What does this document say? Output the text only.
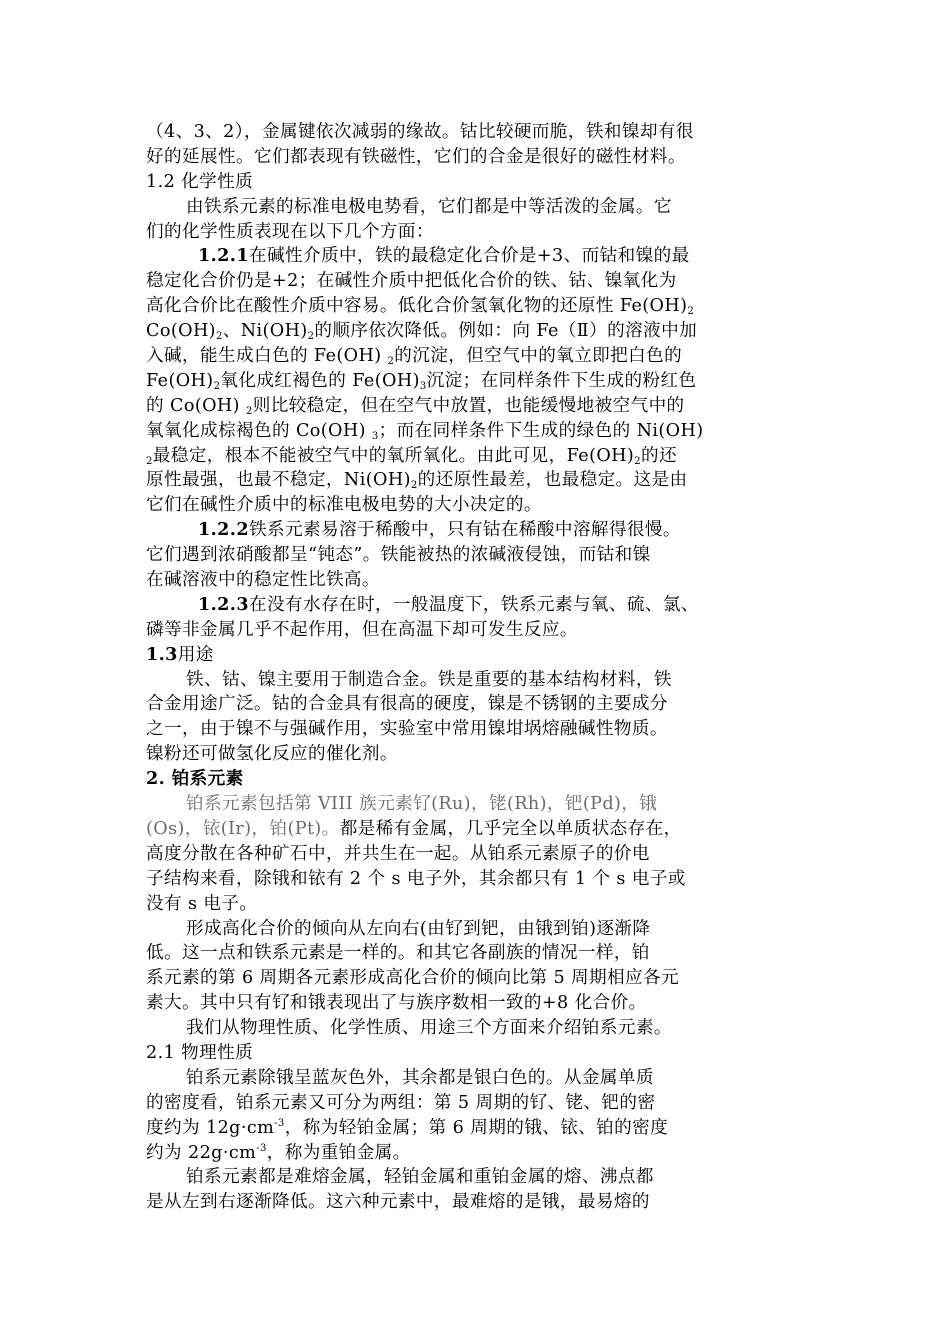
（4、3、2），金属键依次减弱的缘故。钴比较硬而脆，铁和镍却有很
好的延展性。它们都表现有铁磁性，它们的合金是很好的磁性材料。
1.2 化学性质
由铁系元素的标准电极电势看，它们都是中等活泼的金属。它
们的化学性质表现在以下几个方面：
1.2.1在碱性介质中，铁的最稳定化合价是+3、而钴和镍的最
稳定化合价仍是+2；在碱性介质中把低化合价的铁、钴、镍氧化为
高化合价比在酸性介质中容易。低化合价氢氧化物的还原性 $Fe(OH)_2$
$Co(OH)_2$、$Ni(OH)_2$的顺序依次降低。例如：向 Fe（Ⅱ）的溶液中加
入碱，能生成白色的 Fe(OH) $_2$的沉淀，但空气中的氧立即把白色的
$Fe(OH)_2$氧化成红褐色的 $Fe(OH)_3$沉淀；在同样条件下生成的粉红色
的 Co(OH) $_2$则比较稳定，但在空气中放置，也能缓慢地被空气中的
氧氧化成棕褐色的 Co(OH) $_3$；而在同样条件下生成的绿色的 Ni(OH)
$_2$最稳定，根本不能被空气中的氧所氧化。由此可见，$Fe(OH)_2$的还
原性最强，也最不稳定，$Ni(OH)_2$的还原性最差，也最稳定。这是由
它们在碱性介质中的标准电极电势的大小决定的。
1.2.2铁系元素易溶于稀酸中，只有钴在稀酸中溶解得很慢。
它们遇到浓硝酸都呈“钝态”。铁能被热的浓碱液侵蚀，而钴和镍
在碱溶液中的稳定性比铁高。
1.2.3在没有水存在时，一般温度下，铁系元素与氧、硫、氯、
磷等非金属几乎不起作用，但在高温下却可发生反应。
1.3用途
铁、钴、镍主要用于制造合金。铁是重要的基本结构材料，铁
合金用途广泛。钴的合金具有很高的硬度，镍是不锈钢的主要成分
之一，由于镍不与强碱作用，实验室中常用镍坩埚熔融碱性物质。
镍粉还可做氢化反应的催化剂。
2. 铂系元素
铂系元素包括第 VIII 族元素钌(Ru)，铑(Rh)，钯(Pd)，锇
(Os)，铱(Ir)，铂(Pt)。都是稀有金属，几乎完全以单质状态存在，
高度分散在各种矿石中，并共生在一起。从铂系元素原子的价电
子结构来看，除锇和铱有 2 个 s 电子外，其余都只有 1 个 s 电子或
没有 s 电子。
形成高化合价的倾向从左向右(由钌到钯，由锇到铂)逐渐降
低。这一点和铁系元素是一样的。和其它各副族的情况一样，铂
系元素的第 6 周期各元素形成高化合价的倾向比第 5 周期相应各元
素大。其中只有钌和锇表现出了与族序数相一致的+8 化合价。
我们从物理性质、化学性质、用途三个方面来介绍铂系元素。
2.1 物理性质
铂系元素除锇呈蓝灰色外，其余都是银白色的。从金属单质
的密度看，铂系元素又可分为两组：第 5 周期的钌、铑、钯的密
度约为 $12g\cdot cm^{-3}$，称为轻铂金属；第 6 周期的锇、铱、铂的密度
约为 $22g\cdot cm^{-3}$，称为重铂金属。
铂系元素都是难熔金属，轻铂金属和重铂金属的熔、沸点都
是从左到右逐渐降低。这六种元素中，最难熔的是锇，最易熔的
